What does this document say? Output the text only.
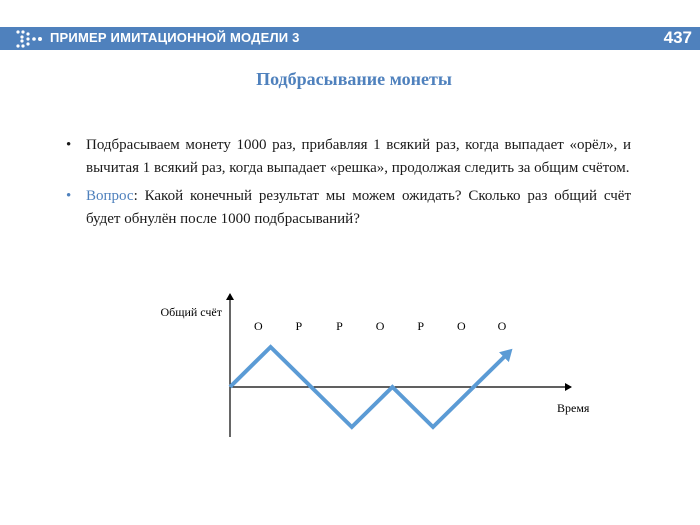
ПРИМЕР ИМИТАЦИОННОЙ МОДЕЛИ 3	437
Подбрасывание монеты
• Подбрасываем монету 1000 раз, прибавляя 1 всякий раз, когда выпадает «орёл», и вычитая 1 всякий раз, когда выпадает «решка», продолжая следить за общим счётом.
• Вопрос: Какой конечный результат мы можем ожидать? Сколько раз общий счёт будет обнулён после 1000 подбрасываний?
Общий счёт
Время
О	Р	Р	О	Р	О	О
